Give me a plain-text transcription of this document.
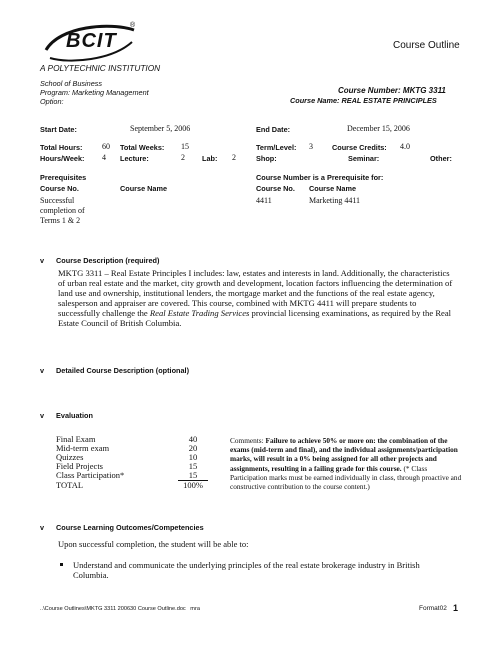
BCIT
®
Course Outline
A POLYTECHNIC INSTITUTION
School of Business
Program: Marketing Management
Option:
Course Number: MKTG 3311
Course Name: REAL ESTATE PRINCIPLES
Start Date:	September 5, 2006	End Date:	December 15, 2006
Total Hours: 60 Total Weeks: 15	Term/Level: 3	Course Credits: 4.0
Hours/Week: 4 Lecture:	2 Lab: 2	Shop:	Seminar:	Other:
Prerequisites
Course No.	Course Name
Successful
completion of
Terms 1 & 2
Course Number is a Prerequisite for:
Course No. Course Name
4411	Marketing 4411
v Course Description (required)
MKTG 3311 – Real Estate Principles I includes: law, estates and interests in land. Additionally, the characteristics of urban real estate and the market, city growth and development, location factors influencing the determination of land use and ownership, institutional lenders, the mortgage market and the functions of the real estate agency, salesperson and appraiser are covered. This course, combined with MKTG 4411 will prepare students to successfully challenge the Real Estate Trading Services provincial licensing examinations, as required by the Real Estate Council of British Columbia.
v Detailed Course Description (optional)
v Evaluation
Final Exam	40
Mid-term exam	20
Quizzes	10
Field Projects	15
Class Participation*	15
TOTAL	100%
Comments: Failure to achieve 50% or more on: the combination of the exams (mid-term and final), and the individual assignments/participation marks, will result in a 0% being assigned for all other projects and assignments, resulting in a failing grade for this course. (* Class Participation marks must be earned individually in class, through proactive and constructive contribution to the course content.)
v Course Learning Outcomes/Competencies
Upon successful completion, the student will be able to:
Understand and communicate the underlying principles of the real estate brokerage industry in British Columbia.
..\Course Outlines\MKTG 3311 200630 Course Outline.doc mra	Format02 1
